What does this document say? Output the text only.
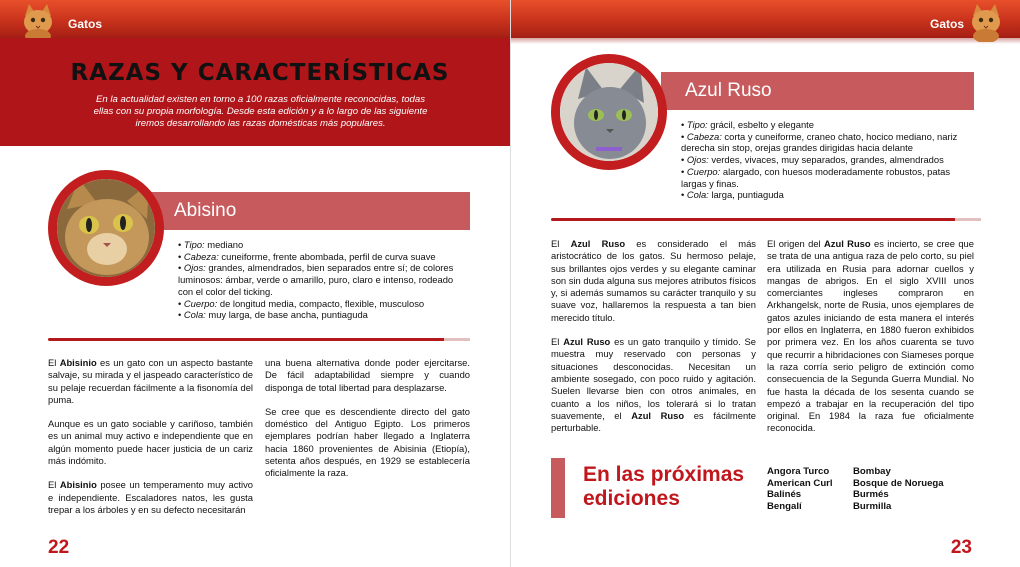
Gatos
RAZAS Y CARACTERÍSTICAS
En la actualidad existen en torno a 100 razas oficialmente reconocidas, todas ellas con su propia morfología. Desde esta edición y a lo largo de las siguiente iremos desarrollando las razas domésticas más populares.
Abisino
• Tipo: mediano
• Cabeza: cuneiforme, frente abombada, perfil de curva suave
• Ojos: grandes, almendrados, bien separados entre sí; de colores luminosos: ámbar, verde o amarillo, puro, claro e intenso, rodeado con el color del ticking.
• Cuerpo: de longitud media, compacto, flexible, musculoso
• Cola: muy larga, de base ancha, puntiaguda

El Abisinio es un gato con un aspecto bastante salvaje, su mirada y el jaspeado característico de su pelaje recuerdan fácilmente a la fisonomía del puma.

Aunque es un gato sociable y cariñoso, también es un animal muy activo e independiente que en algún momento puede hacer justicia de un cariz más indómito.

El Abisinio posee un temperamento muy activo e independiente. Escaladores natos, les gusta trepar a los árboles y en su defecto necesitarán

una buena alternativa donde poder ejercitarse. De fácil adaptabilidad siempre y cuando disponga de total libertad para desplazarse.

Se cree que es descendiente directo del gato doméstico del Antiguo Egipto. Los primeros ejemplares podrían haber llegado a Inglaterra hacia 1860 provenientes de Abisinia (Etiopía), setenta años después, en 1929 se establecería oficialmente la raza.

22
Gatos
Azul Ruso
• Tipo: grácil, esbelto y elegante
• Cabeza: corta y cuneiforme, craneo chato, hocico mediano, nariz derecha sin stop, orejas grandes dirigidas hacia delante
• Ojos: verdes, vivaces, muy separados, grandes, almendrados
• Cuerpo: alargado, con huesos moderadamente robustos, patas largas y finas.
• Cola: larga, puntiaguda

El Azul Ruso es considerado el más aristocrático de los gatos. Su hermoso pelaje, sus brillantes ojos verdes y su elegante caminar son sin duda alguna sus mejores atributos físicos y, si además sumamos su carácter tranquilo y su suave voz, hallaremos la respuesta a tan bien merecido título.

El Azul Ruso es un gato tranquilo y tímido. Se muestra muy reservado con personas y situaciones desconocidas. Necesitan un ambiente sosegado, con poco ruido y agitación. Suelen llevarse bien con otros animales, en cuanto a los niños, los tolerará si lo tratan suavemente, el Azul Ruso es fácilmente perturbable.

El origen del Azul Ruso es incierto, se cree que se trata de una antigua raza de pelo corto, su piel era utilizada en Rusia para adornar cuellos y mangas de abrigos. En el siglo XVIII unos comerciantes ingleses compraron en Arkhangelsk, norte de Rusia, unos ejemplares de gatos azules iniciando de esta manera el interés por ellos en Inglaterra, en 1880 fueron exhibidos por primera vez. En los años cuarenta se tuvo que recurrir a hibridaciones con Siameses porque la raza corría serio peligro de extinción como consecuencia de la Segunda Guerra Mundial. No fue hasta la década de los sesenta cuando se empezó a trabajar en la recuperación del tipo original. En 1984 la raza fue oficialmente reconocida.

En las próximas ediciones
Angora Turco
American Curl
Balinés
Bengalí
Bombay
Bosque de Noruega
Burmés
Burmilla
23
